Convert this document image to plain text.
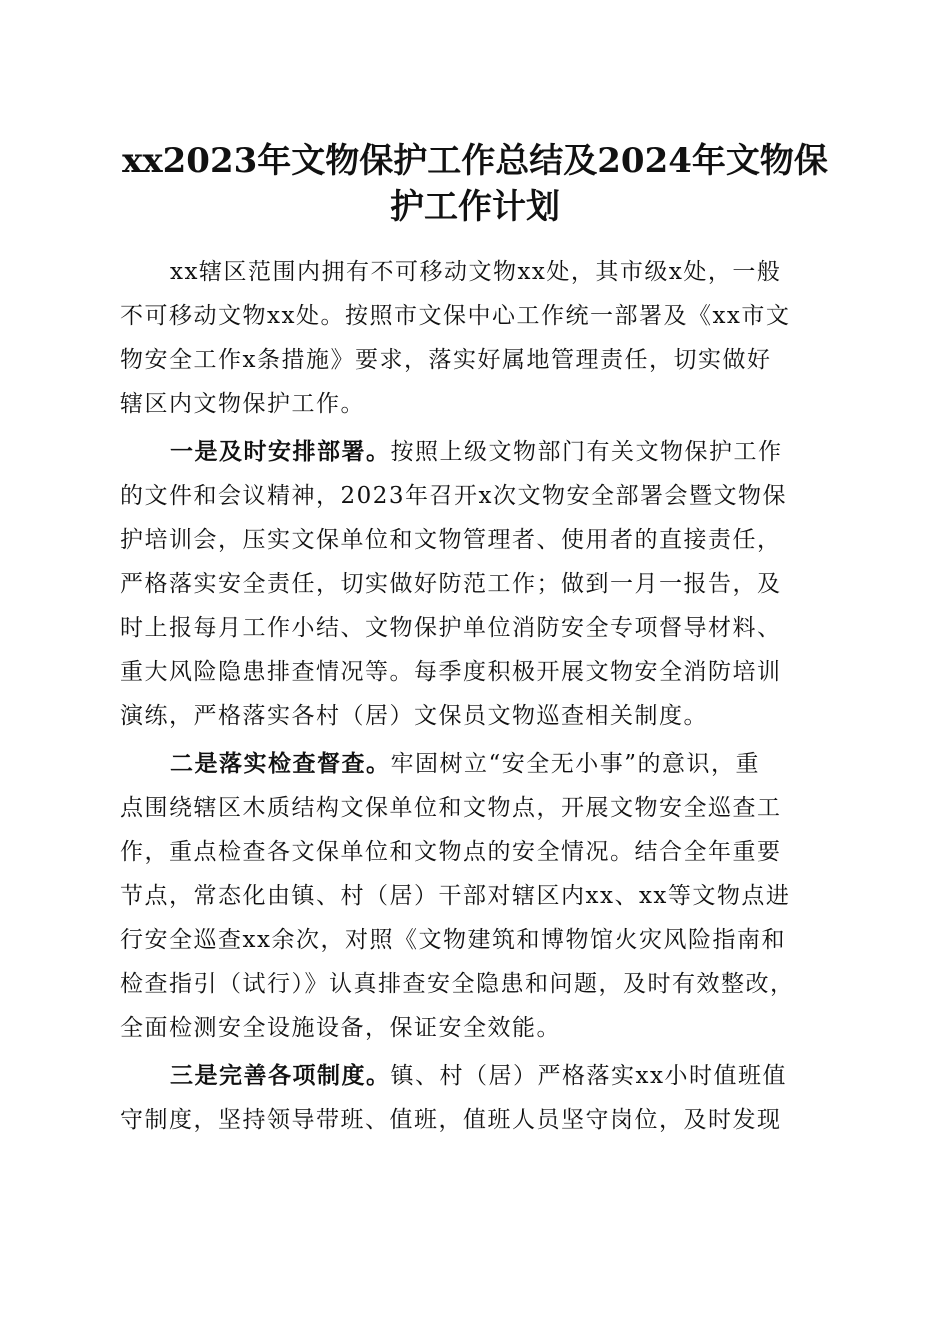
xx2023年文物保护工作总结及2024年文物保
护工作计划

xx辖区范围内拥有不可移动文物xx处，其市级x处，一般
不可移动文物xx处。按照市文保中心工作统一部署及《xx市文
物安全工作x条措施》要求，落实好属地管理责任，切实做好
辖区内文物保护工作。

一是及时安排部署。按照上级文物部门有关文物保护工作
的文件和会议精神，2023年召开x次文物安全部署会暨文物保
护培训会，压实文保单位和文物管理者、使用者的直接责任，
严格落实安全责任，切实做好防范工作；做到一月一报告，及
时上报每月工作小结、文物保护单位消防安全专项督导材料、
重大风险隐患排查情况等。每季度积极开展文物安全消防培训
演练，严格落实各村（居）文保员文物巡查相关制度。

二是落实检查督查。牢固树立“安全无小事”的意识，重
点围绕辖区木质结构文保单位和文物点，开展文物安全巡查工
作，重点检查各文保单位和文物点的安全情况。结合全年重要
节点，常态化由镇、村（居）干部对辖区内xx、xx等文物点进
行安全巡查xx余次，对照《文物建筑和博物馆火灾风险指南和
检查指引（试行）》认真排查安全隐患和问题，及时有效整改，
全面检测安全设施设备，保证安全效能。

三是完善各项制度。镇、村（居）严格落实xx小时值班值
守制度，坚持领导带班、值班，值班人员坚守岗位，及时发现
